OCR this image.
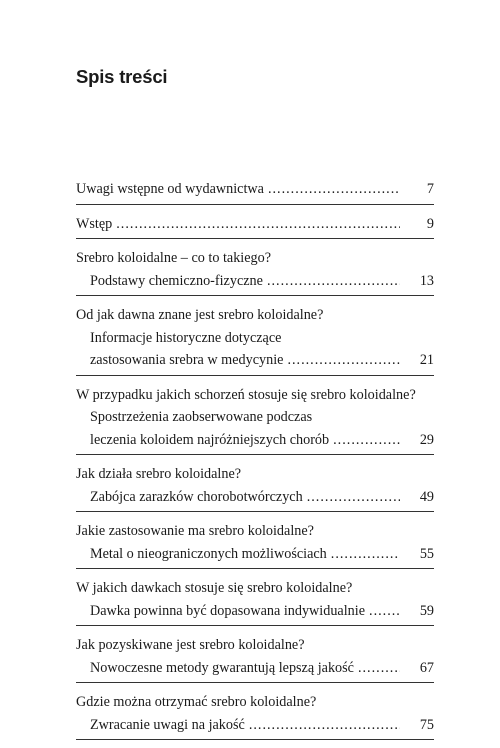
Spis treści
Uwagi wstępne od wydawnictwa .....	7
Wstęp .....	9
Srebro koloidalne – co to takiego?
Podstawy chemiczno-fizyczne .....	13
Od jak dawna znane jest srebro koloidalne?
Informacje historyczne dotyczące
zastosowania srebra w medycynie .....	21
W przypadku jakich schorzeń stosuje się srebro koloidalne?
Spostrzeżenia zaobserwowane podczas
leczenia koloidem najróżniejszych chorób .....	29
Jak działa srebro koloidalne?
Zabójca zarazków chorobotwórczych .....	49
Jakie zastosowanie ma srebro koloidalne?
Metal o nieograniczonych możliwościach .....	55
W jakich dawkach stosuje się srebro koloidalne?
Dawka powinna być dopasowana indywidualnie .....	59
Jak pozyskiwane jest srebro koloidalne?
Nowoczesne metody gwarantują lepszą jakość .....	67
Gdzie można otrzymać srebro koloidalne?
Zwracanie uwagi na jakość .....	75
